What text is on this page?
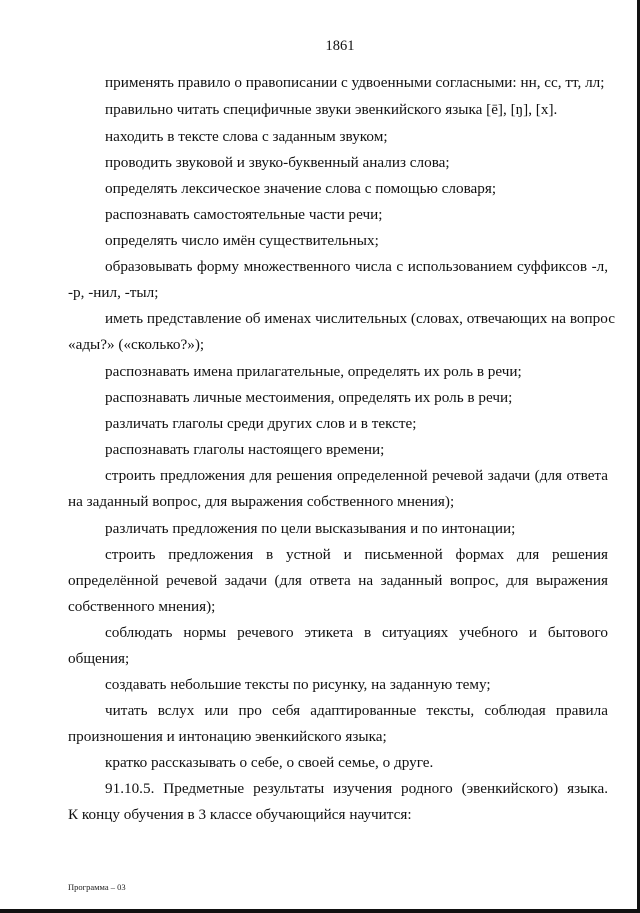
1861
применять правило о правописании с удвоенными согласными: нн, сс, тт, лл;
правильно читать специфичные звуки эвенкийского языка [ē], [ŋ], [x].
находить в тексте слова с заданным звуком;
проводить звуковой и звуко-буквенный анализ слова;
определять лексическое значение слова с помощью словаря;
распознавать самостоятельные части речи;
определять число имён существительных;
образовывать форму множественного числа с использованием суффиксов -л,
-р, -нил, -тыл;
иметь представление об именах числительных (словах, отвечающих на вопрос
«ады?» («сколько?»);
распознавать имена прилагательные, определять их роль в речи;
распознавать личные местоимения, определять их роль в речи;
различать глаголы среди других слов и в тексте;
распознавать глаголы настоящего времени;
строить предложения для решения определенной речевой задачи (для ответа
на заданный вопрос, для выражения собственного мнения);
различать предложения по цели высказывания и по интонации;
строить предложения в устной и письменной формах для решения
определённой речевой задачи (для ответа на заданный вопрос, для выражения
собственного мнения);
соблюдать нормы речевого этикета в ситуациях учебного и бытового
общения;
создавать небольшие тексты по рисунку, на заданную тему;
читать вслух или про себя адаптированные тексты, соблюдая правила
произношения и интонацию эвенкийского языка;
кратко рассказывать о себе, о своей семье, о друге.
91.10.5. Предметные результаты изучения родного (эвенкийского) языка.
К концу обучения в 3 классе обучающийся научится:
Программа – 03
